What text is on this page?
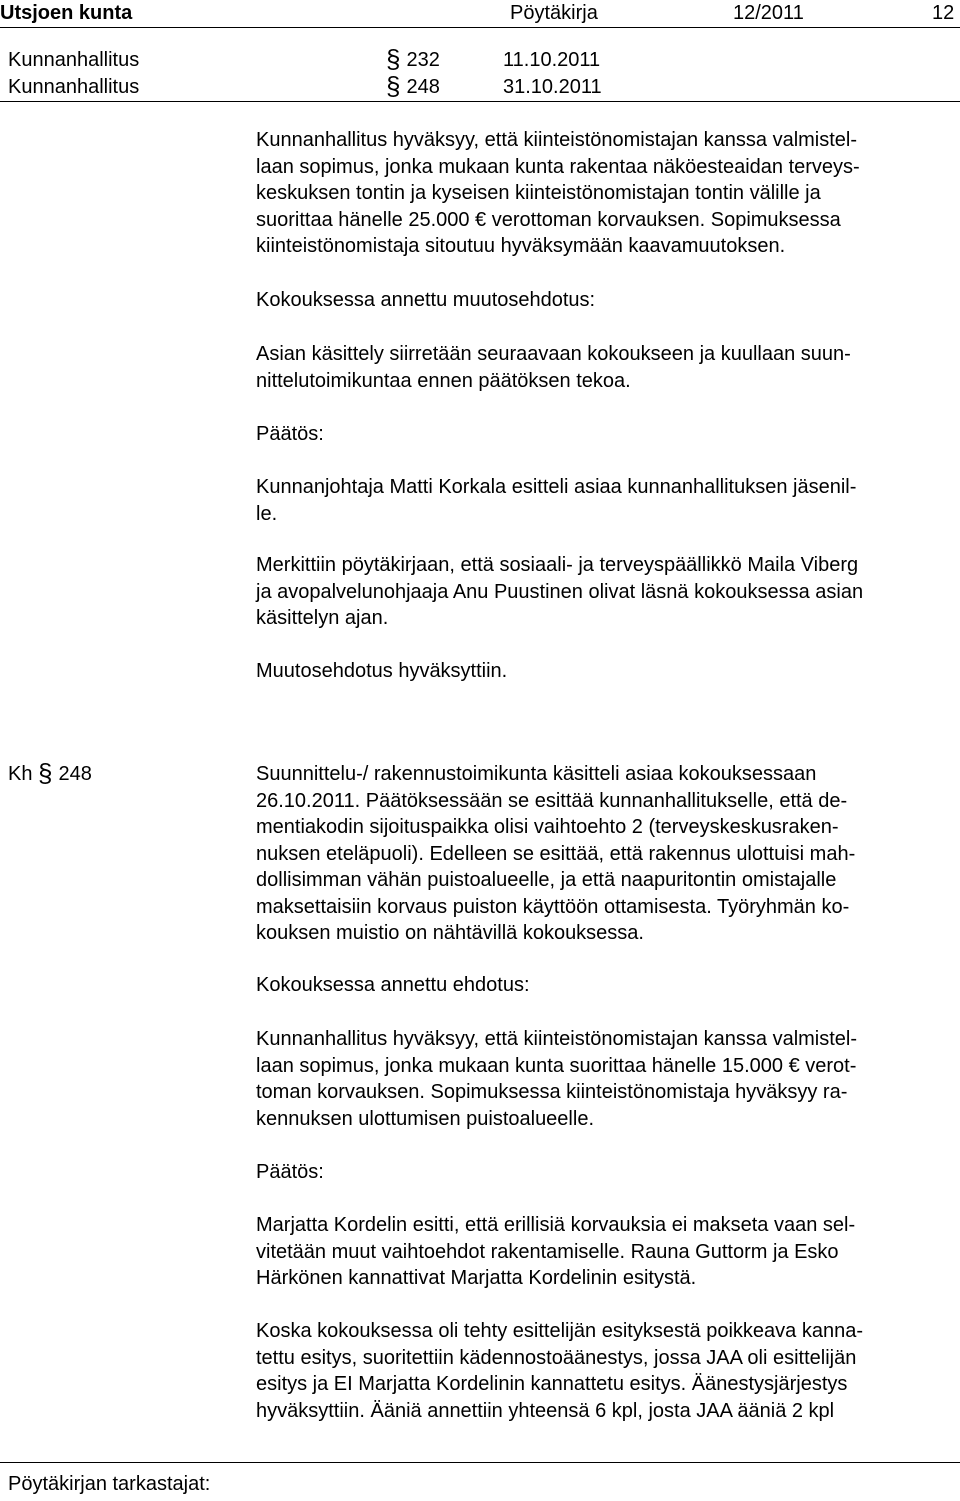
Utsjoen kunta	Pöytäkirja	12/2011	12
Kunnanhallitus	§ 232	11.10.2011
Kunnanhallitus	§ 248	31.10.2011
Kunnanhallitus hyväksyy, että kiinteistönomistajan kanssa valmistel-
laan sopimus, jonka mukaan kunta rakentaa näköesteaidan terveys-
keskuksen tontin ja kyseisen kiinteistönomistajan tontin välille ja
suorittaa hänelle 25.000 € verottoman korvauksen. Sopimuksessa
kiinteistönomistaja sitoutuu hyväksymään kaavamuutoksen.
Kokouksessa annettu muutosehdotus:
Asian käsittely siirretään seuraavaan kokoukseen ja kuullaan suun-
nittelutoimikuntaa ennen päätöksen tekoa.
Päätös:
Kunnanjohtaja Matti Korkala esitteli asiaa kunnanhallituksen jäsenil-
le.
Merkittiin pöytäkirjaan, että sosiaali- ja terveyspäällikkö Maila Viberg
ja avopalvelunohjaaja Anu Puustinen olivat läsnä kokouksessa asian
käsittelyn ajan.
Muutosehdotus hyväksyttiin.
Kh § 248	Suunnittelu-/ rakennustoimikunta käsitteli asiaa kokouksessaan
26.10.2011. Päätöksessään se esittää kunnanhallitukselle, että de-
mentiakodin sijoituspaikka olisi vaihtoehto 2 (terveyskeskusraken-
nuksen eteläpuoli). Edelleen se esittää, että rakennus ulottuisi mah-
dollisimman vähän puistoalueelle, ja että naapuritontin omistajalle
maksettaisiin korvaus puiston käyttöön ottamisesta. Työryhmän ko-
kouksen muistio on nähtävillä kokouksessa.
Kokouksessa annettu ehdotus:
Kunnanhallitus hyväksyy, että kiinteistönomistajan kanssa valmistel-
laan sopimus, jonka mukaan kunta suorittaa hänelle 15.000 € verot-
toman korvauksen. Sopimuksessa kiinteistönomistaja hyväksyy ra-
kennuksen ulottumisen puistoalueelle.
Päätös:
Marjatta Kordelin esitti, että erillisiä korvauksia ei makseta vaan sel-
vitetään muut vaihtoehdot rakentamiselle. Rauna Guttorm ja Esko
Härkönen kannattivat Marjatta Kordelinin esitystä.
Koska kokouksessa oli tehty esittelijän esityksestä poikkeava kanna-
tettu esitys, suoritettiin kädennostoäänestys, jossa JAA oli esittelijän
esitys ja EI Marjatta Kordelinin kannattetu esitys. Äänestysjärjestys
hyväksyttiin. Ääniä annettiin yhteensä 6 kpl, josta JAA ääniä 2 kpl
Pöytäkirjan tarkastajat:
